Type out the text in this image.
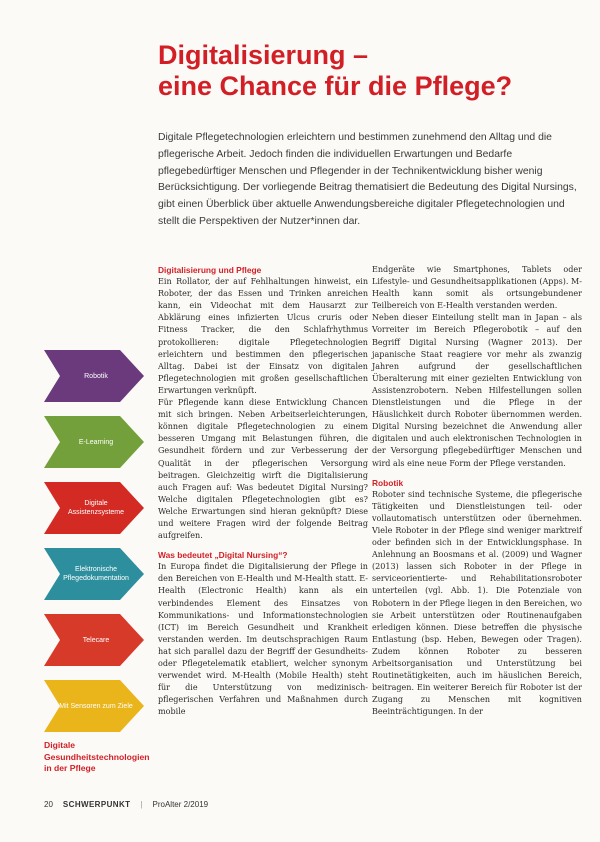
Digitalisierung –
eine Chance für die Pflege?

Digitale Pflegetechnologien erleichtern und bestimmen zunehmend den Alltag und die pflegerische Arbeit. Jedoch finden die individuellen Erwartungen und Bedarfe pflegebedürftiger Menschen und Pflegender in der Technikentwicklung bisher wenig Berücksichtigung. Der vorliegende Beitrag thematisiert die Bedeutung des Digital Nursings, gibt einen Überblick über aktuelle Anwendungsbereiche digitaler Pflegetechnologien und stellt die Perspektiven der Nutzer*innen dar.

Robotik
E-Learning
Digitale Assistenzsysteme
Elektronische Pflegedokumentation
Telecare
Mit Sensoren zum Ziele
Digitale Gesundheitstechnologien in der Pflege
Digitalisierung und Pflege

Ein Rollator, der auf Fehlhaltungen hinweist, ein Roboter, der das Essen und Trinken anreichen kann, ein Videochat mit dem Hausarzt zur Abklärung eines infizierten Ulcus cruris oder Fitness Tracker, die den Schlafrhythmus protokollieren: digitale Pflegetechnologien erleichtern und bestimmen den pflegerischen Alltag. Dabei ist der Einsatz von digitalen Pflegetechnologien mit großen gesellschaftlichen Erwartungen verknüpft.

Für Pflegende kann diese Entwicklung Chancen mit sich bringen. Neben Arbeitserleichterungen, können digitale Pflegetechnologien zu einem besseren Umgang mit Belastungen führen, die Gesundheit fördern und zur Verbesserung der Qualität in der pflegerischen Versorgung beitragen. Gleichzeitig wirft die Digitalisierung auch Fragen auf: Was bedeutet Digital Nursing? Welche digitalen Pflegetechnologien gibt es? Welche Erwartungen sind hieran geknüpft? Diese und weitere Fragen wird der folgende Beitrag aufgreifen.

Was bedeutet „Digital Nursing“?

In Europa findet die Digitalisierung der Pflege in den Bereichen von E-Health und M-Health statt. E-Health (Electronic Health) kann als ein verbindendes Element des Einsatzes von Kommunikations- und Informationstechnologien (ICT) im Bereich Gesundheit und Krankheit verstanden werden. Im deutschsprachigen Raum hat sich parallel dazu der Begriff der Gesundheits- oder Pflegetelematik etabliert, welcher synonym verwendet wird. M-Health (Mobile Health) steht für die Unterstützung von medizinisch-pflegerischen Verfahren und Maßnahmen durch mobile

Endgeräte wie Smartphones, Tablets oder Lifestyle- und Gesundheitsapplikationen (Apps). M-Health kann somit als ortsungebundener Teilbereich von E-Health verstanden werden.

Neben dieser Einteilung stellt man in Japan – als Vorreiter im Bereich Pflegerobotik – auf den Begriff Digital Nursing (Wagner 2013). Der japanische Staat reagiere vor mehr als zwanzig Jahren aufgrund der gesellschaftlichen Überalterung mit einer gezielten Entwicklung von Assistenzrobotern. Neben Hilfestellungen sollen Dienstleistungen und die Pflege in der Häuslichkeit durch Roboter übernommen werden. Digital Nursing bezeichnet die Anwendung aller digitalen und auch elektronischen Technologien in der Versorgung pflegebedürftiger Menschen und wird als eine neue Form der Pflege verstanden.

Robotik

Roboter sind technische Systeme, die pflegerische Tätigkeiten und Dienstleistungen teil- oder vollautomatisch unterstützen oder übernehmen. Viele Roboter in der Pflege sind weniger marktreif oder befinden sich in der Entwicklungsphase. In Anlehnung an Boosmans et al. (2009) und Wagner (2013) lassen sich Roboter in der Pflege in serviceorientierte- und Rehabilitationsroboter unterteilen (vgl. Abb. 1). Die Potenziale von Robotern in der Pflege liegen in den Bereichen, wo sie Arbeit unterstützen oder Routinenaufgaben erledigen können. Diese betreffen die physische Entlastung (bsp. Heben, Bewegen oder Tragen). Zudem können Roboter zu besseren Arbeitsorganisation und Unterstützung bei Routinetätigkeiten, auch im häuslichen Bereich, beitragen. Ein weiterer Bereich für Roboter ist der Zugang zu Menschen mit kognitiven Beeinträchtigungen. In der

20 SCHWERPUNKT | ProAlter 2/2019
